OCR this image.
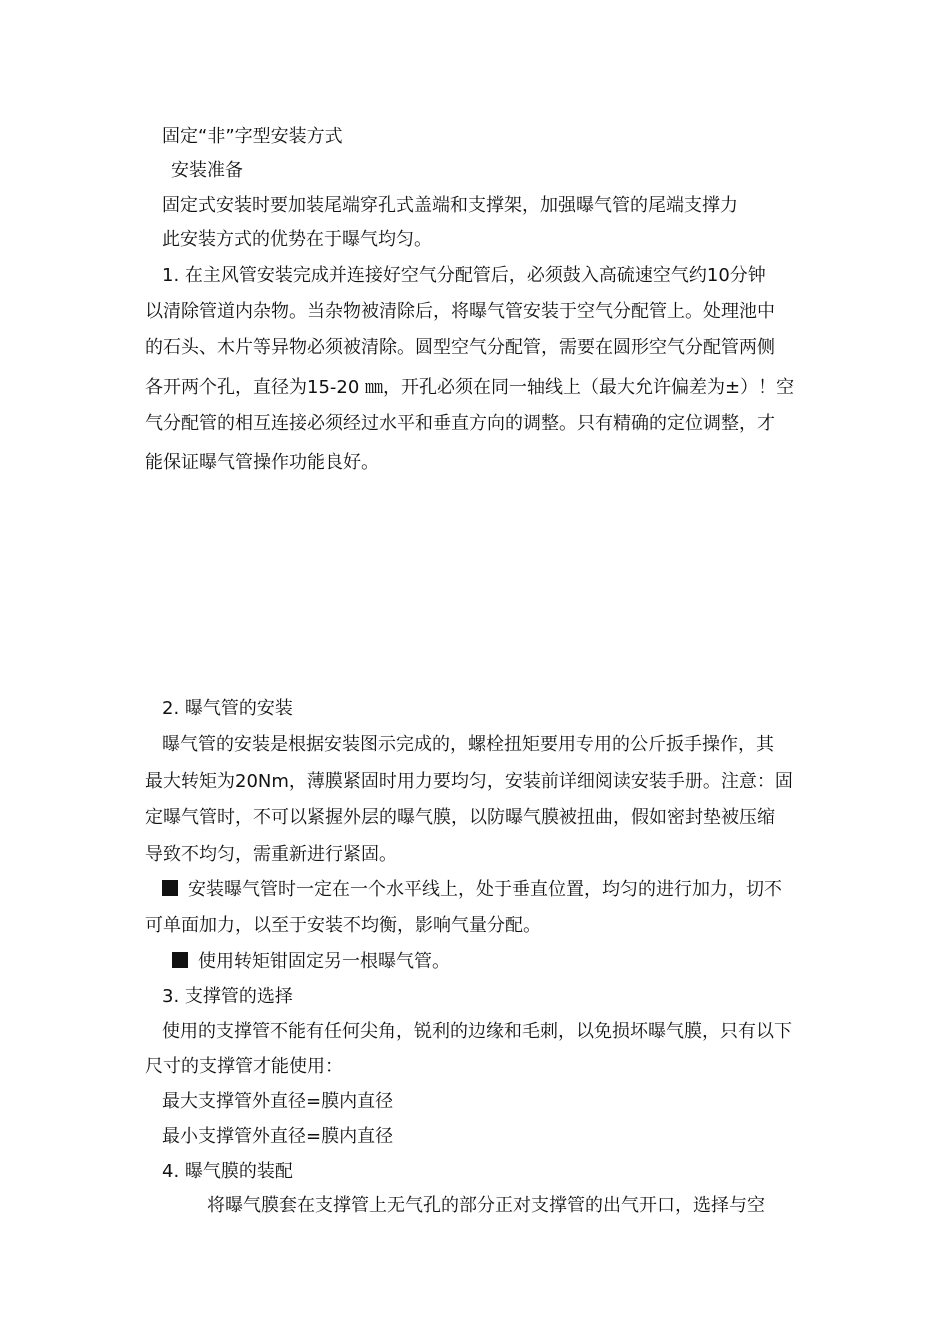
固定“非”字型安装方式
安装准备
固定式安装时要加装尾端穿孔式盖端和支撑架，加强曝气管的尾端支撑力
此安装方式的优势在于曝气均匀。
1. 在主风管安装完成并连接好空气分配管后，必须鼓入高硫速空气约10分钟
以清除管道内杂物。当杂物被清除后，将曝气管安装于空气分配管上。处理池中
的石头、木片等异物必须被清除。圆型空气分配管，需要在圆形空气分配管两侧
各开两个孔，直径为15-20 ㎜，开孔必须在同一轴线上（最大允许偏差为±）！空
气分配管的相互连接必须经过水平和垂直方向的调整。只有精确的定位调整，才
能保证曝气管操作功能良好。
2. 曝气管的安装
曝气管的安装是根据安装图示完成的，螺栓扭矩要用专用的公斤扳手操作，其
最大转矩为20Nm，薄膜紧固时用力要均匀，安装前详细阅读安装手册。注意：固
定曝气管时，不可以紧握外层的曝气膜，以防曝气膜被扭曲，假如密封垫被压缩
导致不均匀，需重新进行紧固。
安装曝气管时一定在一个水平线上，处于垂直位置，均匀的进行加力，切不
可单面加力，以至于安装不均衡，影响气量分配。
使用转矩钳固定另一根曝气管。
3. 支撑管的选择
使用的支撑管不能有任何尖角，锐利的边缘和毛刺，以免损坏曝气膜，只有以下
尺寸的支撑管才能使用：
最大支撑管外直径=膜内直径
最小支撑管外直径=膜内直径
4. 曝气膜的装配
将曝气膜套在支撑管上无气孔的部分正对支撑管的出气开口，选择与空
